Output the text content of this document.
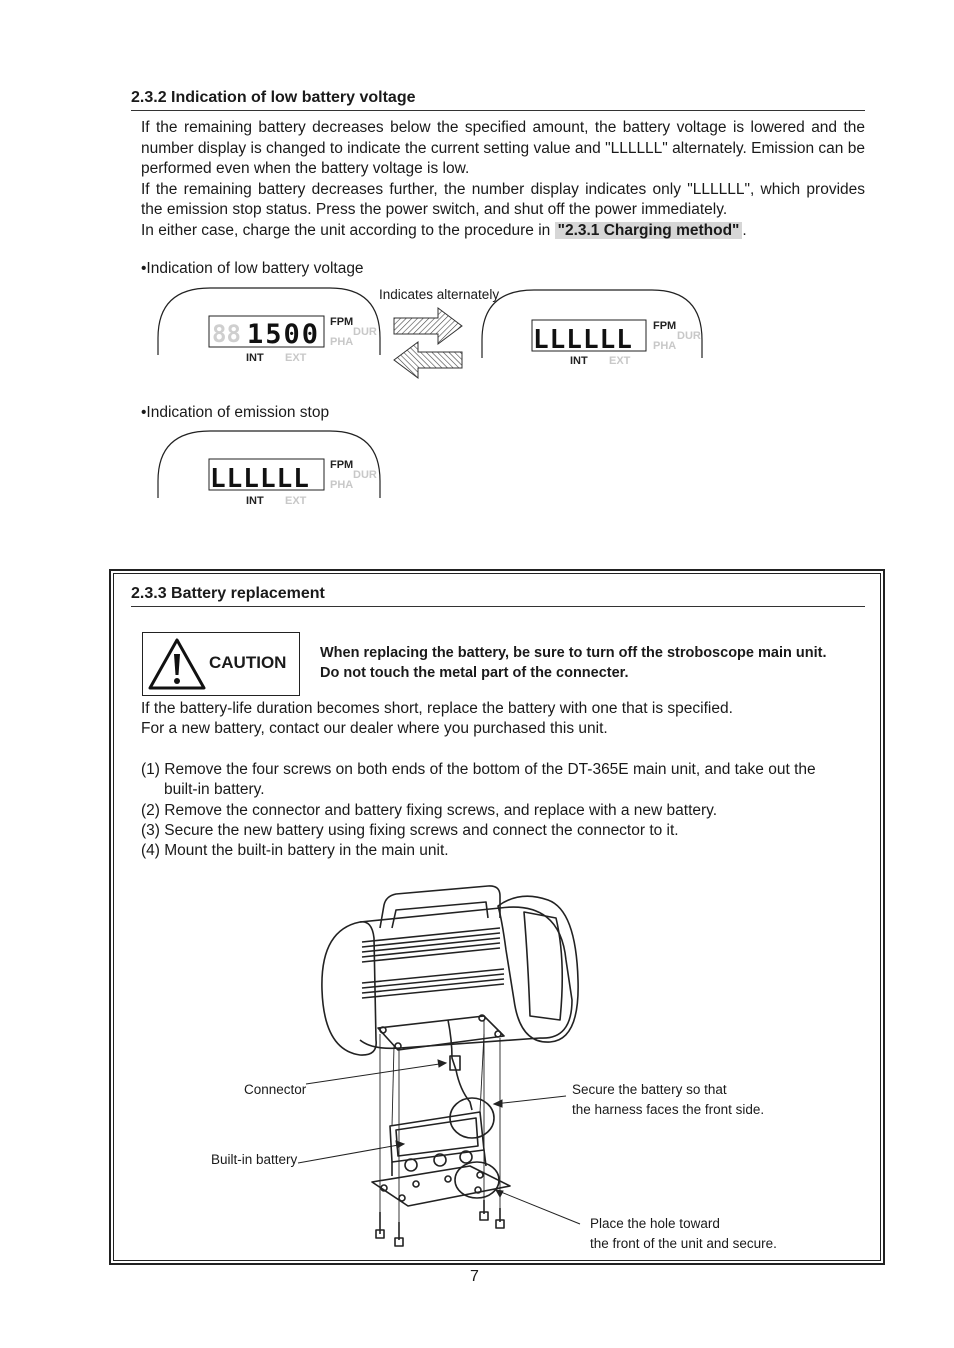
2.3.2 Indication of low battery voltage

If the remaining battery decreases below the specified amount, the battery voltage is lowered and the number display is changed to indicate the current setting value and "LLLLLL" alternately. Emission can be performed even when the battery voltage is low.

If the remaining battery decreases further, the number display indicates only "LLLLLL", which provides the emission stop status. Press the power switch, and shut off the power immediately.

In either case, charge the unit according to the procedure in "2.3.1 Charging method" .

•Indication of low battery voltage
•Indication of emission stop
88	FPM
PHA
DUR
INT EXT
FPM
PHA
DUR
INT EXT
FPM
PHA
DUR
INT EXT
1500	LLLLLL
LLLLLL
Indicates alternately
2.3.3 Battery replacement
CAUTION When replacing the battery, be sure to turn off the stroboscope main unit.
Do not touch the metal part of the connecter.
If the battery-life duration becomes short, replace the battery with one that is specified.
For a new battery, contact our dealer where you purchased this unit.
(1) Remove the four screws on both ends of the bottom of the DT-365E main unit, and take out the
built-in battery.
(2) Remove the connector and battery fixing screws, and replace with a new battery.
(3) Secure the new battery using fixing screws and connect the connector to it.
(4) Mount the built-in battery in the main unit.
Connector
Built-in battery
Secure the battery so that
the harness faces the front side.
Place the hole toward
the front of the unit and secure.
7
